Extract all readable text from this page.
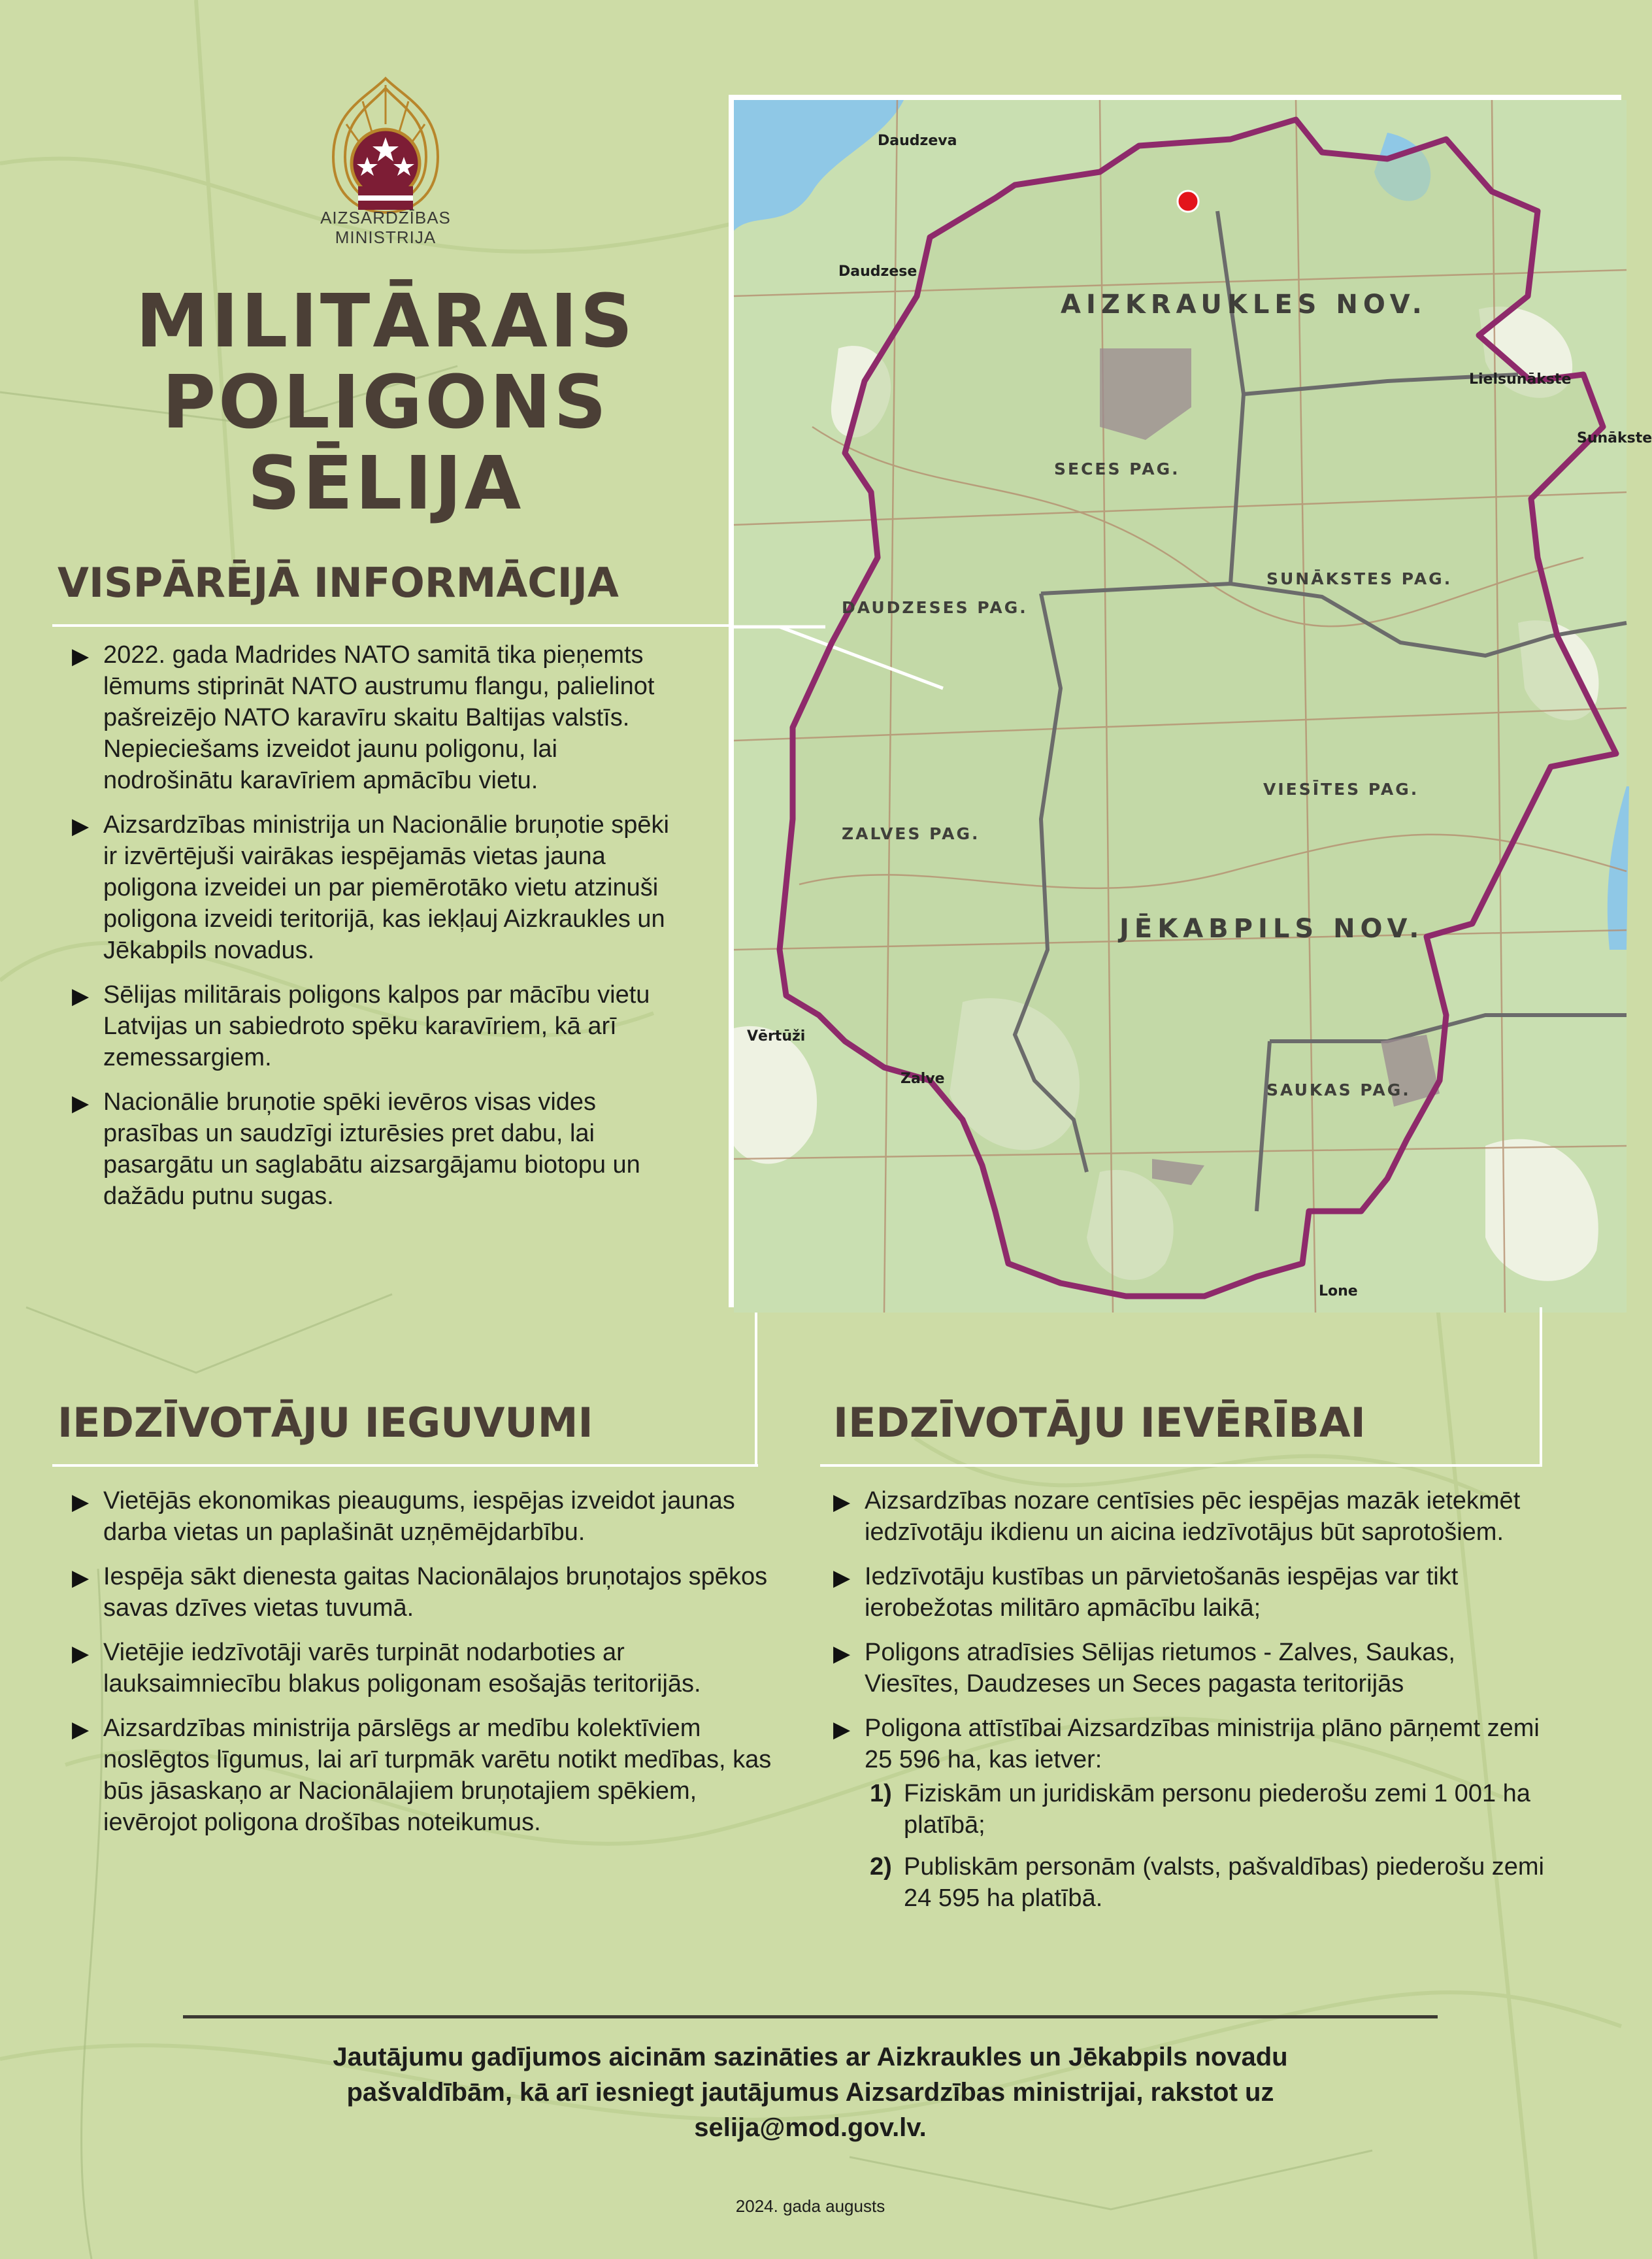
AIZSARDZĪBAS
MINISTRIJA
MILITĀRAIS
POLIGONS
SĒLIJA
VISPĀRĒJĀ INFORMĀCIJA
▶ 2022. gada Madrides NATO samitā tika pieņemts lēmums stiprināt NATO austrumu flangu, palielinot pašreizējo NATO karavīru skaitu Baltijas valstīs. Nepieciešams izveidot jaunu poligonu, lai nodrošinātu karavīriem apmācību vietu.
▶ Aizsardzības ministrija un Nacionālie bruņotie spēki ir izvērtējuši vairākas iespējamās vietas jauna poligona izveidei un par piemērotāko vietu atzinuši poligona izveidi teritorijā, kas iekļauj Aizkraukles un Jēkabpils novadus.
▶ Sēlijas militārais poligons kalpos par mācību vietu Latvijas un sabiedroto spēku karavīriem, kā arī zemessargiem.
▶ Nacionālie bruņotie spēki ievēros visas vides prasības un saudzīgi izturēsies pret dabu, lai pasargātu un saglabātu aizsargājamu biotopu un dažādu putnu sugas.
AIZKRAUKLES NOV.
JĒKABPILS NOV.
SECES PAG.
DAUDZESES PAG.
SUNĀKSTES PAG.
ZALVES PAG.
VIESĪTES PAG.
SAUKAS PAG.
Daudzeva
Daudzese
Vērtūži
Zalve
Lone
Lielsunākste
Sunākste
IEDZĪVOTĀJU IEGUVUMI
▶ Vietējās ekonomikas pieaugums, iespējas izveidot jaunas darba vietas un paplašināt uzņēmējdarbību.
▶ Iespēja sākt dienesta gaitas Nacionālajos bruņotajos spēkos savas dzīves vietas tuvumā.
▶ Vietējie iedzīvotāji varēs turpināt nodarboties ar lauksaimniecību blakus poligonam esošajās teritorijās.
▶ Aizsardzības ministrija pārslēgs ar medību kolektīviem noslēgtos līgumus, lai arī turpmāk varētu notikt medības, kas būs jāsaskaņo ar Nacionālajiem bruņotajiem spēkiem, ievērojot poligona drošības noteikumus.
IEDZĪVOTĀJU IEVĒRĪBAI
▶ Aizsardzības nozare centīsies pēc iespējas mazāk ietekmēt iedzīvotāju ikdienu un aicina iedzīvotājus būt saprotošiem.
▶ Iedzīvotāju kustības un pārvietošanās iespējas var tikt ierobežotas militāro apmācību laikā;
▶ Poligons atradīsies Sēlijas rietumos - Zalves, Saukas, Viesītes, Daudzeses un Seces pagasta teritorijās
▶ Poligona attīstībai Aizsardzības ministrija plāno pārņemt zemi 25 596 ha, kas ietver:
1) Fiziskām un juridiskām personu piederošu zemi 1 001 ha platībā;
2) Publiskām personām (valsts, pašvaldības) piederošu zemi 24 595 ha platībā.
Jautājumu gadījumos aicinām sazināties ar Aizkraukles un Jēkabpils novadu
pašvaldībām, kā arī iesniegt jautājumus Aizsardzības ministrijai, rakstot uz
selija@mod.gov.lv.
2024. gada augusts
